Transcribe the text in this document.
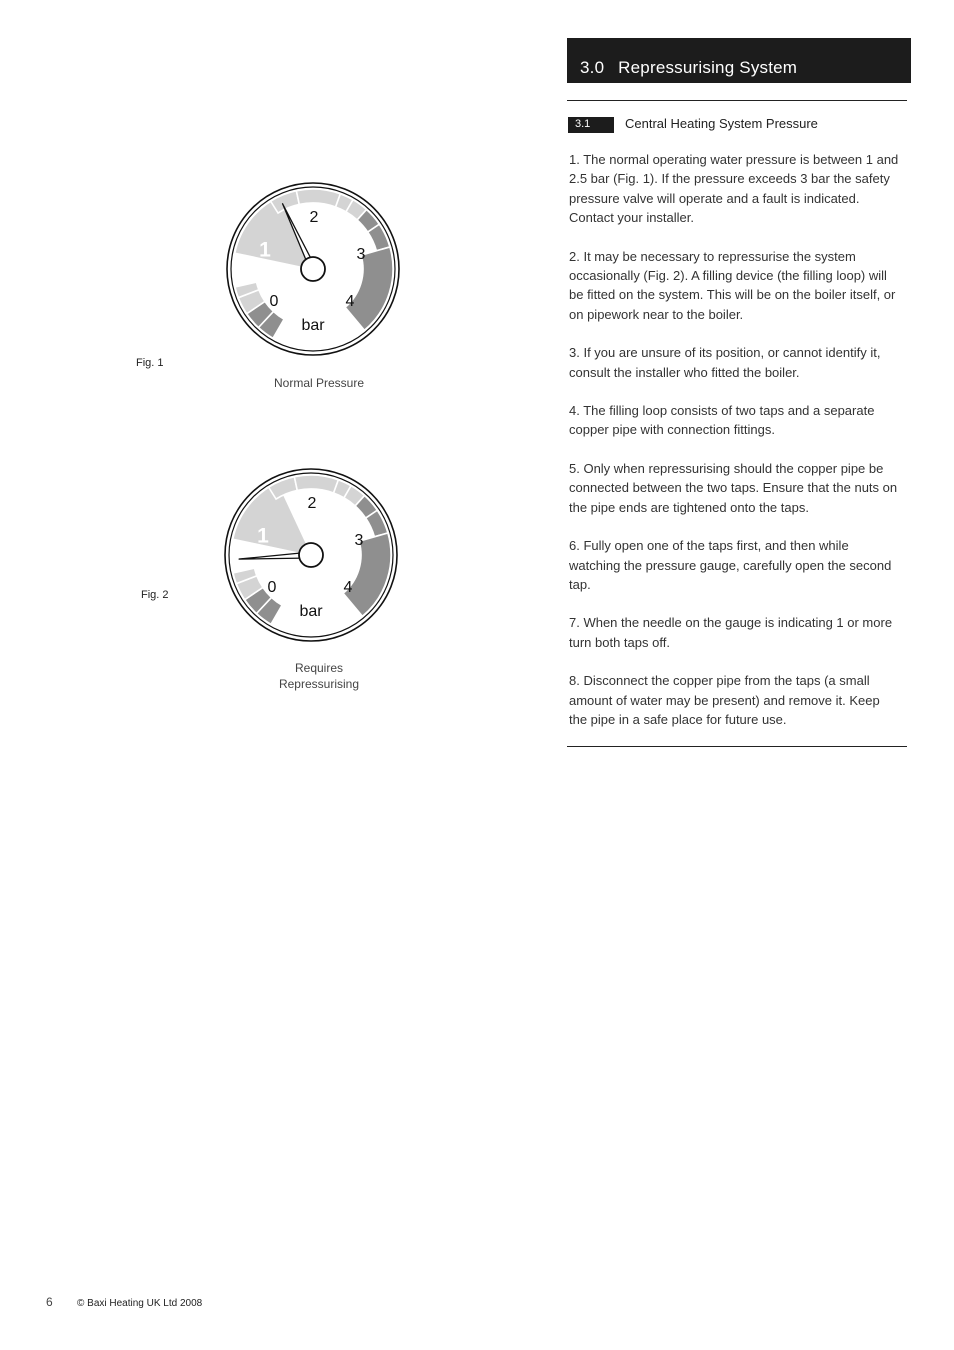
3.0 Repressurising System
3.1	Central Heating System Pressure

1. The normal operating water pressure is between 1 and 2.5 bar (Fig. 1). If the pressure exceeds 3 bar the safety pressure valve will operate and a fault is indicated. Contact your installer.

2. It may be necessary to repressurise the system occasionally (Fig. 2). A filling device (the filling loop) will be fitted on the system. This will be on the boiler itself, or on pipework near to the boiler.

3. If you are unsure of its position, or cannot identify it, consult the installer who fitted the boiler.

4. The filling loop consists of two taps and a separate copper pipe with connection fittings.

5. Only when repressurising should the copper pipe be connected between the two taps. Ensure that the nuts on the pipe ends are tightened onto the taps.

6. Fully open one of the taps first, and then while watching the pressure gauge, carefully open the second tap.

7. When the needle on the gauge is indicating 1 or more turn both taps off.

8. Disconnect the copper pipe from the taps (a small amount of water may be present) and remove it. Keep the pipe in a safe place for future use.

Fig. 1
0
1
2
3
4
bar
Normal Pressure
Fig. 2	0
1
2
3
4
bar
Requires
Repressurising
6 © Baxi Heating UK Ltd 2008
